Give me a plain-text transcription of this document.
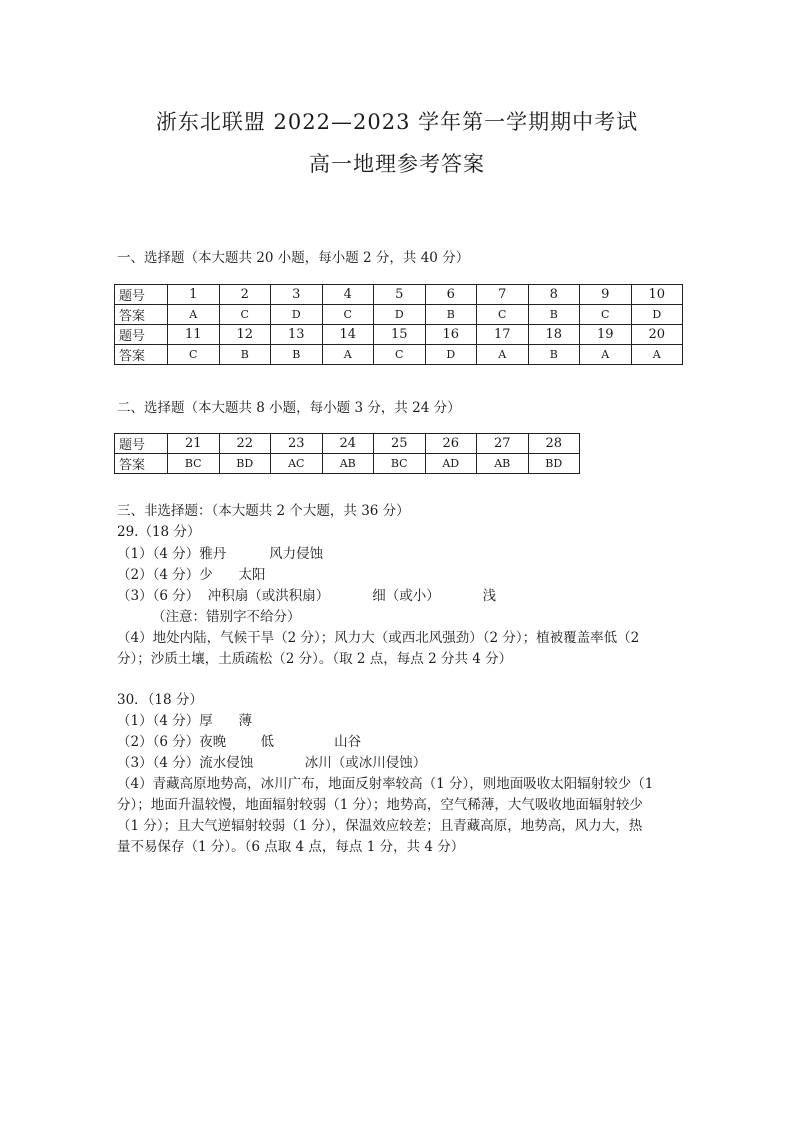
浙东北联盟 2022—2023 学年第一学期期中考试
高一地理参考答案
一、选择题（本大题共 20 小题，每小题 2 分，共 40 分）
题号	1	2	3	4	5	6	7	8	9	10
答案	A	C	D	C	D	B	C	B	C	D
题号	11	12	13	14	15	16	17	18	19	20
答案	C	B	B	A	C	D	A	B	A	A
二、选择题（本大题共 8 小题，每小题 3 分，共 24 分）
题号	21	22	23	24	25	26	27	28
答案	BC	BD	AC	AB	BC	AD	AB	BD
三、非选择题：（本大题共 2 个大题，共 36 分）
29.（18 分）
（1）（4 分）雅丹          风力侵蚀
（2）（4 分）少      太阳
（3）（6 分）  冲积扇（或洪积扇）          细（或小）          浅
（注意：错别字不给分）
（4）地处内陆，气候干旱（2 分）；风力大（或西北风强劲）（2 分）；植被覆盖率低（2
分）；沙质土壤，土质疏松（2 分）。（取 2 点，每点 2 分共 4 分）
30．（18 分）
（1）（4 分）厚      薄
（2）（6 分）夜晚        低              山谷
（3）（4 分）流水侵蚀            冰川（或冰川侵蚀）
（4）青藏高原地势高，冰川广布，地面反射率较高（1 分），则地面吸收太阳辐射较少（1
分）；地面升温较慢，地面辐射较弱（1 分）；地势高，空气稀薄，大气吸收地面辐射较少
（1 分）；且大气逆辐射较弱（1 分），保温效应较差；且青藏高原，地势高，风力大，热
量不易保存（1 分）。（6 点取 4 点，每点 1 分，共 4 分）
